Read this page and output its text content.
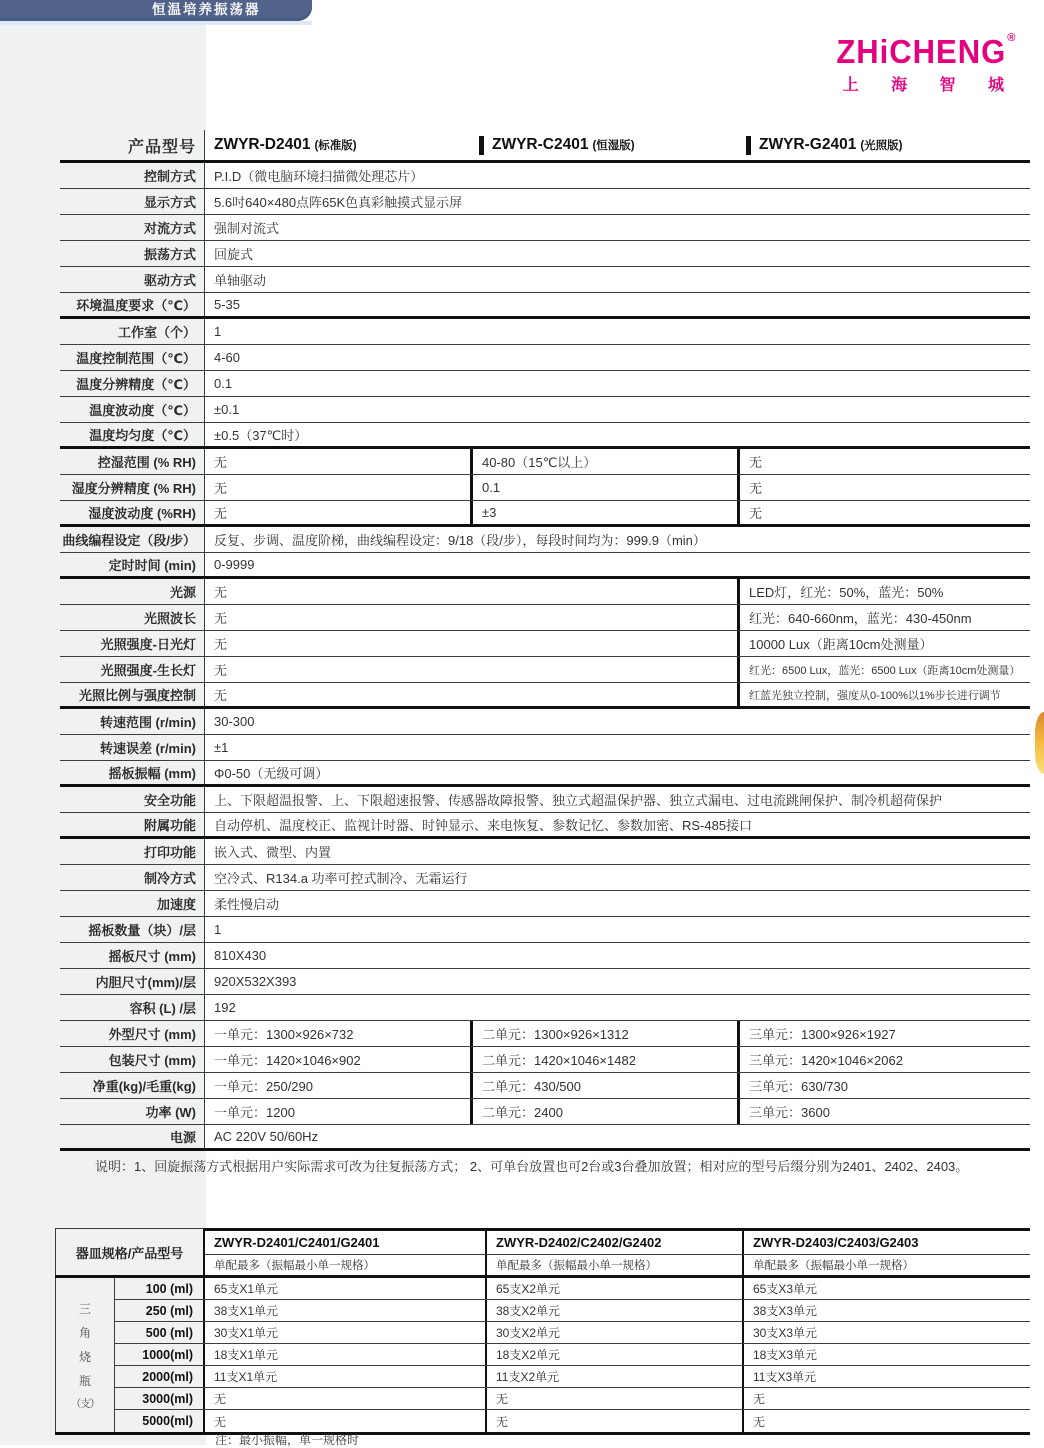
恒温培养振荡器
ZHiCHENG®
上 海 智 城
产品型号	ZWYR-D2401 (标准版)	ZWYR-C2401 (恒湿版)	ZWYR-G2401 (光照版)
控制方式	P.I.D（微电脑环境扫描微处理芯片）
显示方式	5.6吋640×480点阵65K色真彩触摸式显示屏
对流方式	强制对流式
振荡方式	回旋式
驱动方式	单轴驱动
环境温度要求（℃）	5-35
工作室（个）	1
温度控制范围（℃）	4-60
温度分辨精度（℃）	0.1
温度波动度（℃）	±0.1
温度均匀度（℃）	±0.5（37℃时）
控湿范围 (% RH)	无	40-80（15℃以上）	无
湿度分辨精度 (% RH)	无	0.1	无
湿度波动度 (%RH)	无	±3	无
曲线编程设定（段/步）	反复、步调、温度阶梯，曲线编程设定：9/18（段/步），每段时间均为：999.9（min）
定时时间 (min)	0-9999
光源	无	LED灯，红光：50%，蓝光：50%
光照波长	无	红光：640-660nm，蓝光：430-450nm
光照强度-日光灯	无	10000 Lux（距离10cm处测量）
光照强度-生长灯	无	红光：6500 Lux，蓝光：6500 Lux（距离10cm处测量）
光照比例与强度控制	无	红蓝光独立控制，强度从0-100%以1%步长进行调节
转速范围 (r/min)	30-300
转速误差 (r/min)	±1
摇板振幅 (mm)	Φ0-50（无级可调）
安全功能	上、下限超温报警、上、下限超速报警、传感器故障报警、独立式超温保护器、独立式漏电、过电流跳闸保护、制冷机超荷保护
附属功能	自动停机、温度校正、监视计时器、时钟显示、来电恢复、参数记忆、参数加密、RS-485接口
打印功能	嵌入式、微型、内置
制冷方式	空冷式、R134.a 功率可控式制冷、无霜运行
加速度	柔性慢启动
摇板数量（块）/层	1
摇板尺寸 (mm)	810X430
内胆尺寸(mm)/层	920X532X393
容积 (L) /层	192
外型尺寸 (mm)	一单元：1300×926×732	二单元：1300×926×1312	三单元：1300×926×1927
包装尺寸 (mm)	一单元：1420×1046×902	二单元：1420×1046×1482	三单元：1420×1046×2062
净重(kg)/毛重(kg)	一单元：250/290	二单元：430/500	三单元：630/730
功率 (W)	一单元：1200	二单元：2400	三单元：3600
电源	AC 220V 50/60Hz
说明：1、回旋振荡方式根据用户实际需求可改为往复振荡方式； 2、可单台放置也可2台或3台叠加放置；相对应的型号后缀分别为2401、2402、2403。
器皿规格/产品型号
ZWYR-D2401/C2401/G2401	ZWYR-D2402/C2402/G2402	ZWYR-D2403/C2403/G2403
单配最多（振幅最小单一规格）	单配最多（振幅最小单一规格）	单配最多（振幅最小单一规格）
三
角
烧
瓶
（支）
100 (ml)	65支X1单元	65支X2单元	65支X3单元
250 (ml)	38支X1单元	38支X2单元	38支X3单元
500 (ml)	30支X1单元	30支X2单元	30支X3单元
1000(ml)	18支X1单元	18支X2单元	18支X3单元
2000(ml)	11支X1单元	11支X2单元	11支X3单元
3000(ml)	无	无	无
5000(ml)	无	无	无
注：最小振幅，单一规格时
